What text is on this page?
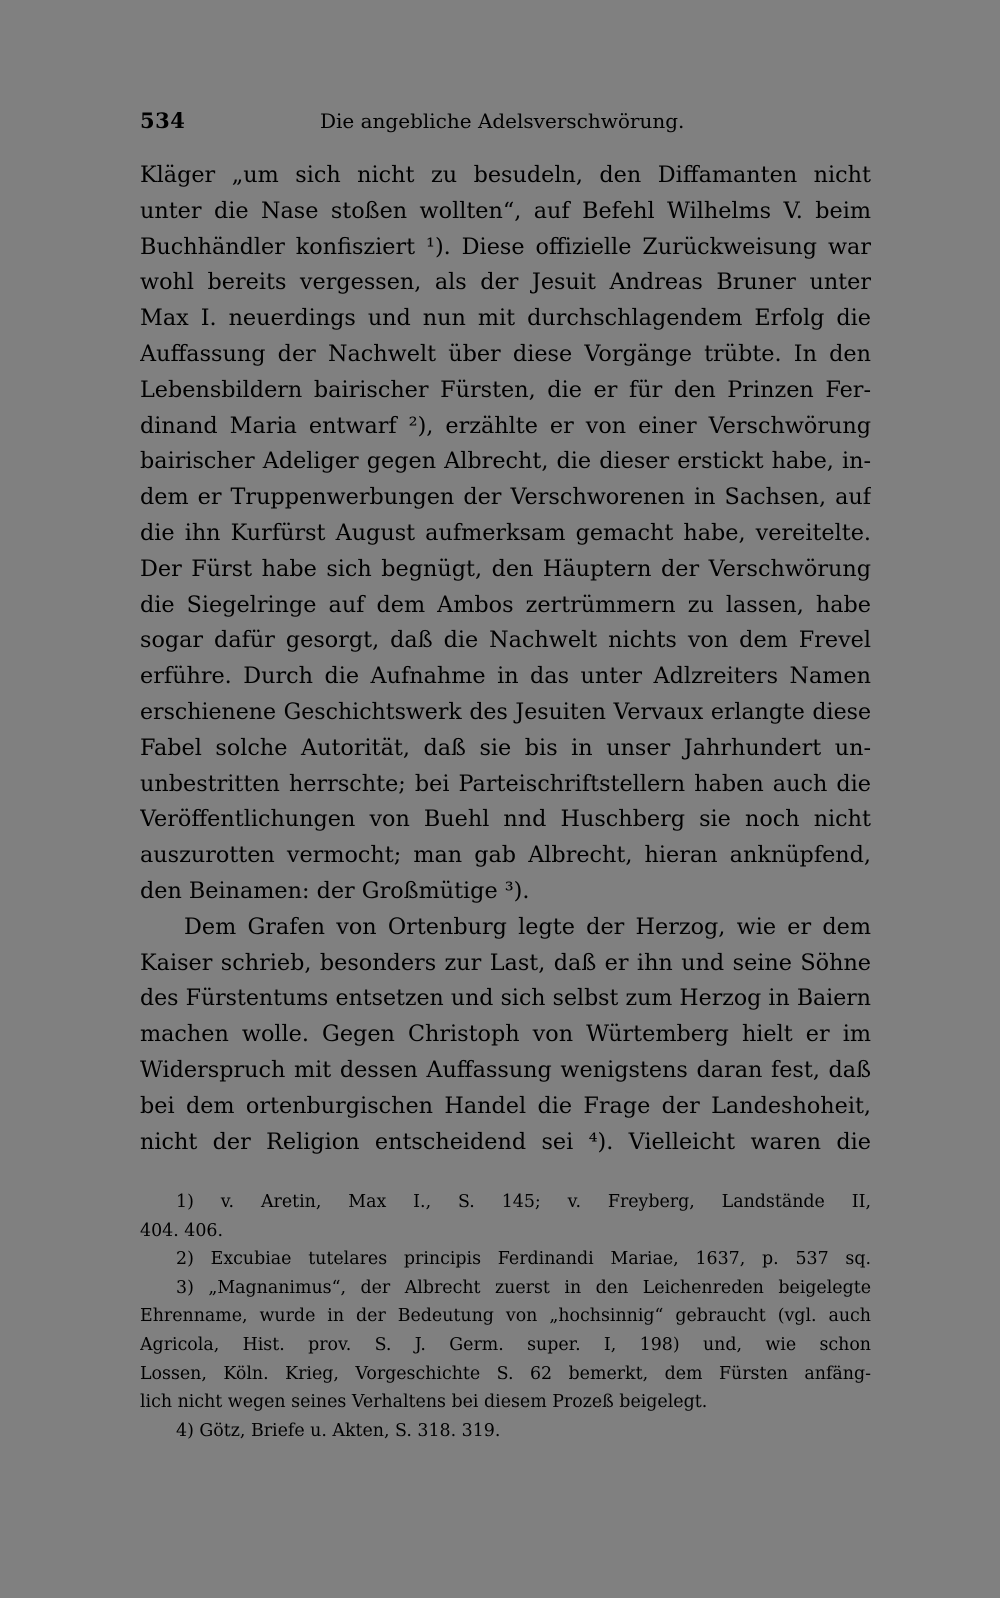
534	Die angebliche Adelsverschwörung.
Kläger „um sich nicht zu besudeln, den Diffamanten nicht
unter die Nase stoßen wollten“, auf Befehl Wilhelms V. beim
Buchhändler konfisziert ¹). Diese offizielle Zurückweisung war
wohl bereits vergessen, als der Jesuit Andreas Bruner unter
Max I. neuerdings und nun mit durchschlagendem Erfolg die
Auffassung der Nachwelt über diese Vorgänge trübte. In den
Lebensbildern bairischer Fürsten, die er für den Prinzen Fer-
dinand Maria entwarf ²), erzählte er von einer Verschwörung
bairischer Adeliger gegen Albrecht, die dieser erstickt habe, in-
dem er Truppenwerbungen der Verschworenen in Sachsen, auf
die ihn Kurfürst August aufmerksam gemacht habe, vereitelte.
Der Fürst habe sich begnügt, den Häuptern der Verschwörung
die Siegelringe auf dem Ambos zertrümmern zu lassen, habe
sogar dafür gesorgt, daß die Nachwelt nichts von dem Frevel
erführe. Durch die Aufnahme in das unter Adlzreiters Namen
erschienene Geschichtswerk des Jesuiten Vervaux erlangte diese
Fabel solche Autorität, daß sie bis in unser Jahrhundert un-
unbestritten herrschte; bei Parteischriftstellern haben auch die
Veröffentlichungen von Buehl nnd Huschberg sie noch nicht
auszurotten vermocht; man gab Albrecht, hieran anknüpfend,
den Beinamen: der Großmütige ³).
Dem Grafen von Ortenburg legte der Herzog, wie er dem
Kaiser schrieb, besonders zur Last, daß er ihn und seine Söhne
des Fürstentums entsetzen und sich selbst zum Herzog in Baiern
machen wolle. Gegen Christoph von Würtemberg hielt er im
Widerspruch mit dessen Auffassung wenigstens daran fest, daß
bei dem ortenburgischen Handel die Frage der Landeshoheit,
nicht der Religion entscheidend sei ⁴). Vielleicht waren die
1) v. Aretin, Max I., S. 145; v. Freyberg, Landstände II,
404. 406.
2) Excubiae tutelares principis Ferdinandi Mariae, 1637, p. 537 sq.
3) „Magnanimus“, der Albrecht zuerst in den Leichenreden beigelegte
Ehrenname, wurde in der Bedeutung von „hochsinnig“ gebraucht (vgl. auch
Agricola, Hist. prov. S. J. Germ. super. I, 198) und, wie schon
Lossen, Köln. Krieg, Vorgeschichte S. 62 bemerkt, dem Fürsten anfäng-
lich nicht wegen seines Verhaltens bei diesem Prozeß beigelegt.
4) Götz, Briefe u. Akten, S. 318. 319.
